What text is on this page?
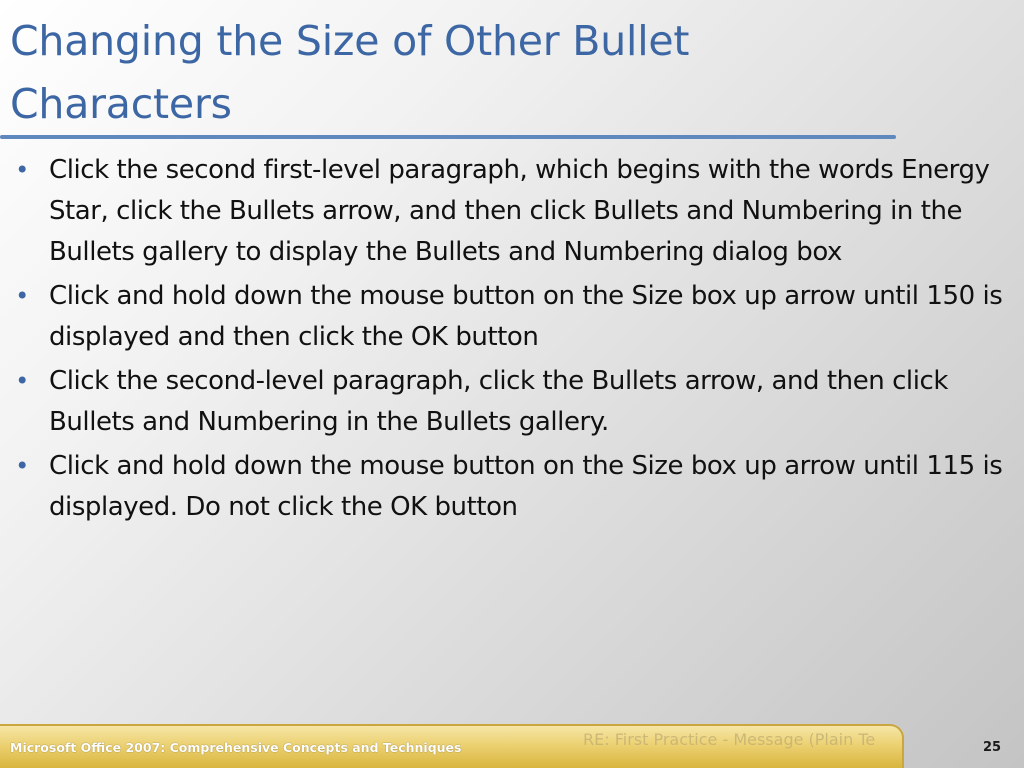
Changing the Size of Other Bullet Characters
• Click the second first-level paragraph, which begins with the words Energy Star, click the Bullets arrow, and then click Bullets and Numbering in the Bullets gallery to display the Bullets and Numbering dialog box
• Click and hold down the mouse button on the Size box up arrow until 150 is displayed and then click the OK button
• Click the second-level paragraph, click the Bullets arrow, and then click Bullets and Numbering in the Bullets gallery.
• Click and hold down the mouse button on the Size box up arrow until 115 is displayed. Do not click the OK button
RE: First Practice - Message (Plain Te
Microsoft Office 2007: Comprehensive Concepts and Techniques	25
